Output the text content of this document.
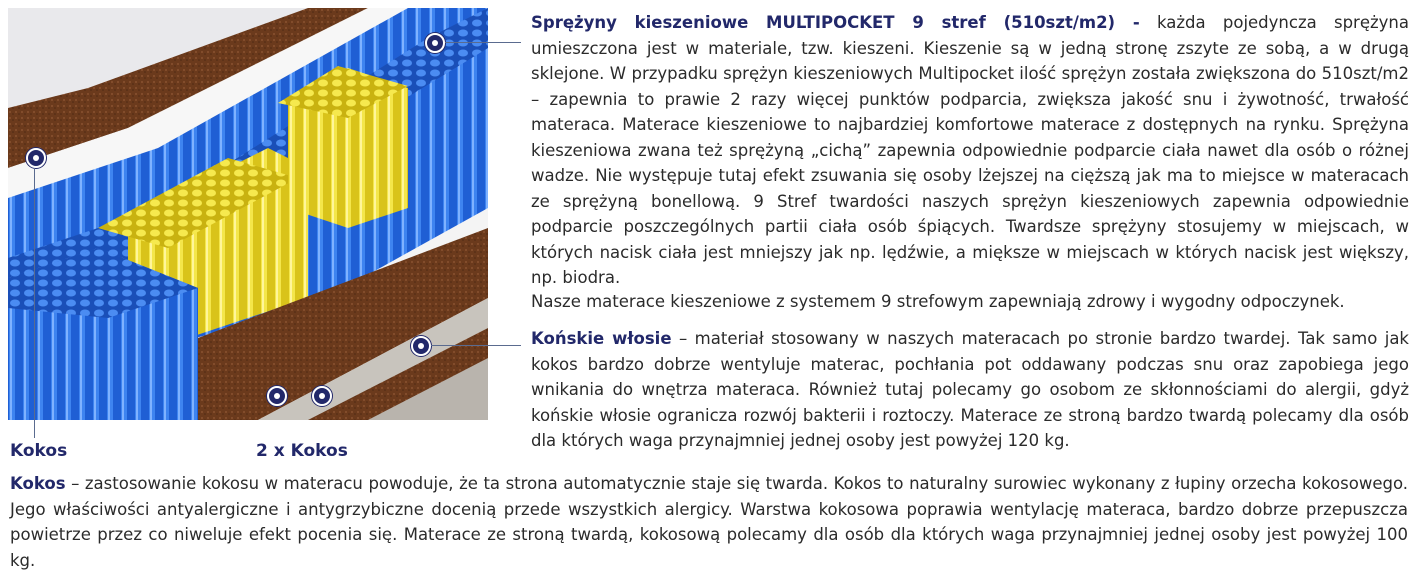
Kokos	2 x Kokos

Sprężyny kieszeniowe MULTIPOCKET 9 stref (510szt/m2) - każda pojedyncza sprężyna umieszczona jest w materiale, tzw. kieszeni. Kieszenie są w jedną stronę zszyte ze sobą, a w drugą sklejone. W przypadku sprężyn kieszeniowych Multipocket ilość sprężyn została zwiększona do 510szt/m2 – zapewnia to prawie 2 razy więcej punktów podparcia, zwiększa jakość snu i żywotność, trwałość materaca. Materace kieszeniowe to najbardziej komfortowe materace z dostępnych na rynku. Sprężyna kieszeniowa zwana też sprężyną „cichą” zapewnia odpowiednie podparcie ciała nawet dla osób o różnej wadze. Nie występuje tutaj efekt zsuwania się osoby lżejszej na cięższą jak ma to miejsce w materacach ze sprężyną bonellową. 9 Stref twardości naszych sprężyn kieszeniowych zapewnia odpowiednie podparcie poszczególnych partii ciała osób śpiących. Twardsze sprężyny stosujemy w miejscach, w których nacisk ciała jest mniejszy jak np. lędźwie, a miększe w miejscach w których nacisk jest większy, np. biodra.

Nasze materace kieszeniowe z systemem 9 strefowym zapewniają zdrowy i wygodny odpoczynek.

Końskie włosie – materiał stosowany w naszych materacach po stronie bardzo twardej. Tak samo jak kokos bardzo dobrze wentyluje materac, pochłania pot oddawany podczas snu oraz zapobiega jego wnikania do wnętrza materaca. Również tutaj polecamy go osobom ze skłonnościami do alergii, gdyż końskie włosie ogranicza rozwój bakterii i roztoczy. Materace ze stroną bardzo twardą polecamy dla osób dla których waga przynajmniej jednej osoby jest powyżej 120 kg.

Kokos – zastosowanie kokosu w materacu powoduje, że ta strona automatycznie staje się twarda. Kokos to naturalny surowiec wykonany z łupiny orzecha kokosowego. Jego właściwości antyalergiczne i antygrzybiczne docenią przede wszystkich alergicy. Warstwa kokosowa poprawia wentylację materaca, bardzo dobrze przepuszcza powietrze przez co niweluje efekt pocenia się. Materace ze stroną twardą, kokosową polecamy dla osób dla których waga przynajmniej jednej osoby jest powyżej 100 kg.
